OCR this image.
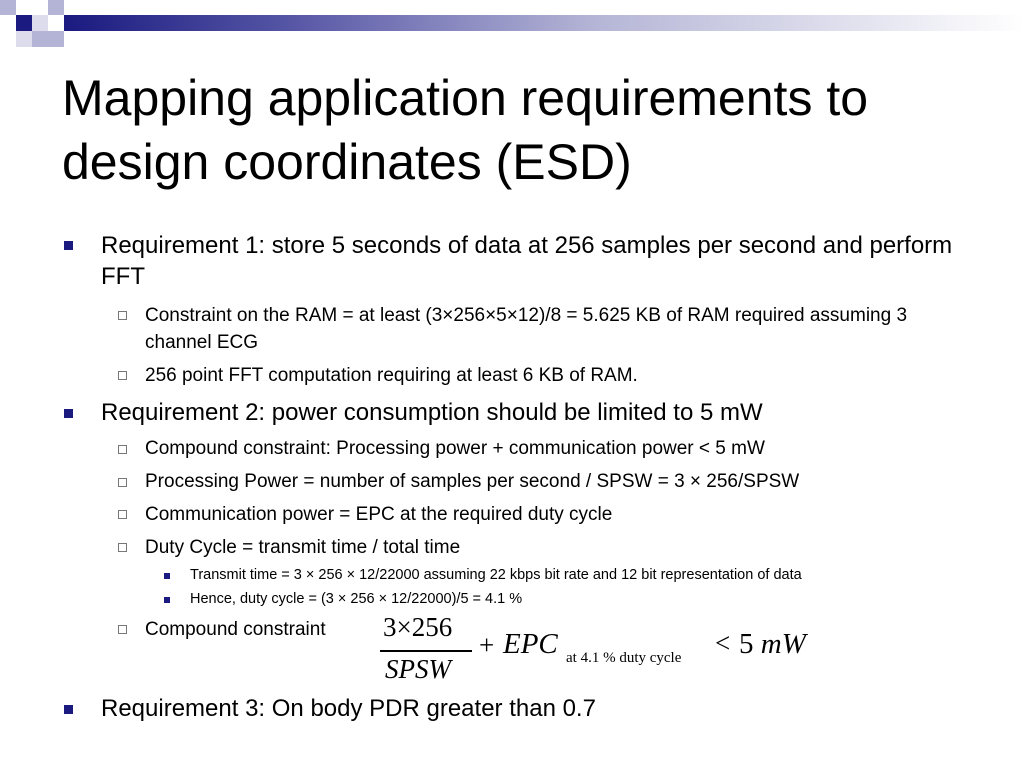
Mapping application requirements to design coordinates (ESD)
Requirement 1: store 5 seconds of data at 256 samples per second and perform FFT
Constraint on the RAM = at least (3×256×5×12)/8 = 5.625 KB of RAM required assuming 3 channel ECG
256 point FFT computation requiring at least 6 KB of RAM.
Requirement 2: power consumption should be limited to 5 mW
Compound constraint: Processing power + communication power < 5 mW
Processing Power = number of samples per second / SPSW = 3 × 256/SPSW
Communication power = EPC at the required duty cycle
Duty Cycle = transmit time / total time
Transmit time = 3 × 256 × 12/22000 assuming 22 kbps bit rate and 12 bit representation of data
Hence, duty cycle = (3 × 256 × 12/22000)/5 = 4.1 %
Compound constraint
Requirement 3: On body PDR greater than 0.7
3×256
SPSW
+ EPC at 4.1 % duty cycle < 5 mW
